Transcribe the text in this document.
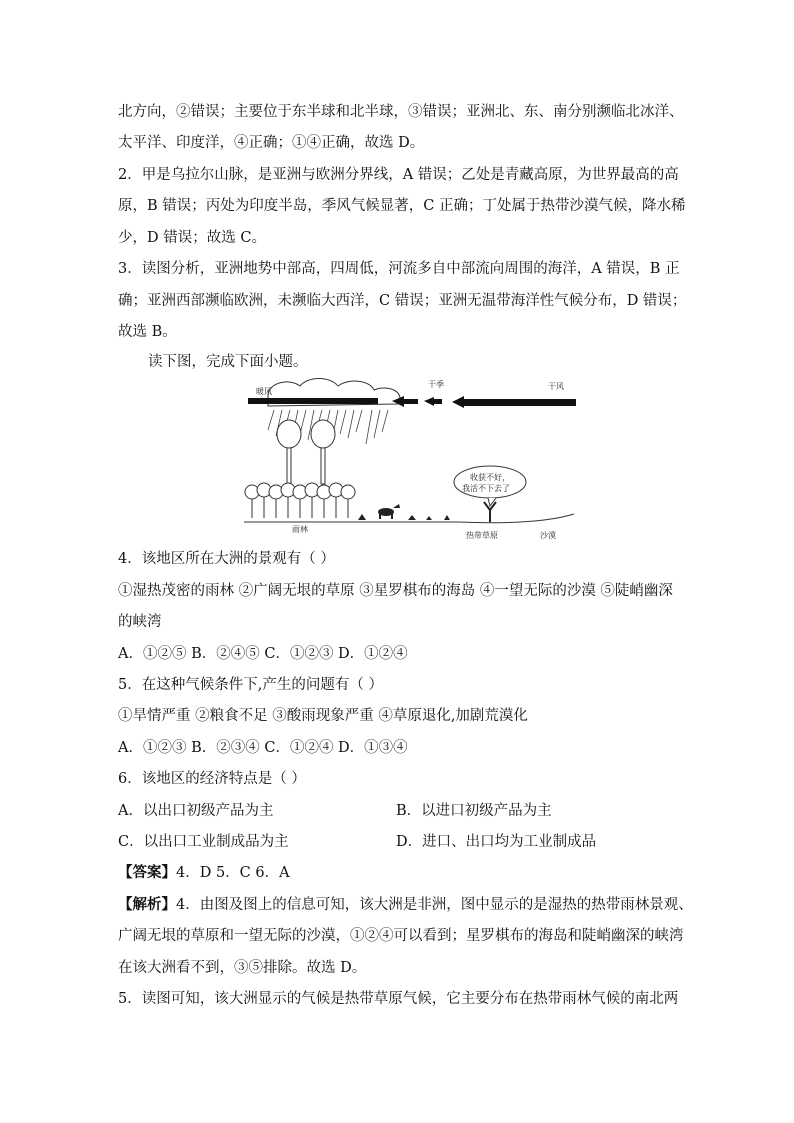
北方向，②错误；主要位于东半球和北半球，③错误；亚洲北、东、南分别濒临北冰洋、
太平洋、印度洋，④正确；①④正确，故选 D。
2．甲是乌拉尔山脉，是亚洲与欧洲分界线，A 错误；乙处是青藏高原，为世界最高的高
原，B 错误；丙处为印度半岛，季风气候显著，C 正确；丁处属于热带沙漠气候，降水稀
少，D 错误；故选 C。
3．读图分析，亚洲地势中部高，四周低，河流多自中部流向周围的海洋，A 错误，B 正
确；亚洲西部濒临欧洲，未濒临大西洋，C 错误；亚洲无温带海洋性气候分布，D 错误；
故选 B。
读下图，完成下面小题。
暖风
干季	干风
收获不好，
我活不下去了
雨林
热带草原	沙漠
4．该地区所在大洲的景观有（ ）
①湿热茂密的雨林 ②广阔无垠的草原 ③星罗棋布的海岛 ④一望无际的沙漠 ⑤陡峭幽深
的峡湾
A．①②⑤ B．②④⑤ C．①②③ D．①②④
5．在这种气候条件下,产生的问题有（ ）
①旱情严重 ②粮食不足 ③酸雨现象严重 ④草原退化,加剧荒漠化
A．①②③ B．②③④ C．①②④ D．①③④
6．该地区的经济特点是（ ）
A．以出口初级产品为主	B．以进口初级产品为主
C．以出口工业制成品为主	D．进口、出口均为工业制成品
【答案】4．D 5．C 6．A
【解析】4．由图及图上的信息可知，该大洲是非洲，图中显示的是湿热的热带雨林景观、
广阔无垠的草原和一望无际的沙漠，①②④可以看到；星罗棋布的海岛和陡峭幽深的峡湾
在该大洲看不到，③⑤排除。故选 D。
5．读图可知，该大洲显示的气候是热带草原气候，它主要分布在热带雨林气候的南北两
